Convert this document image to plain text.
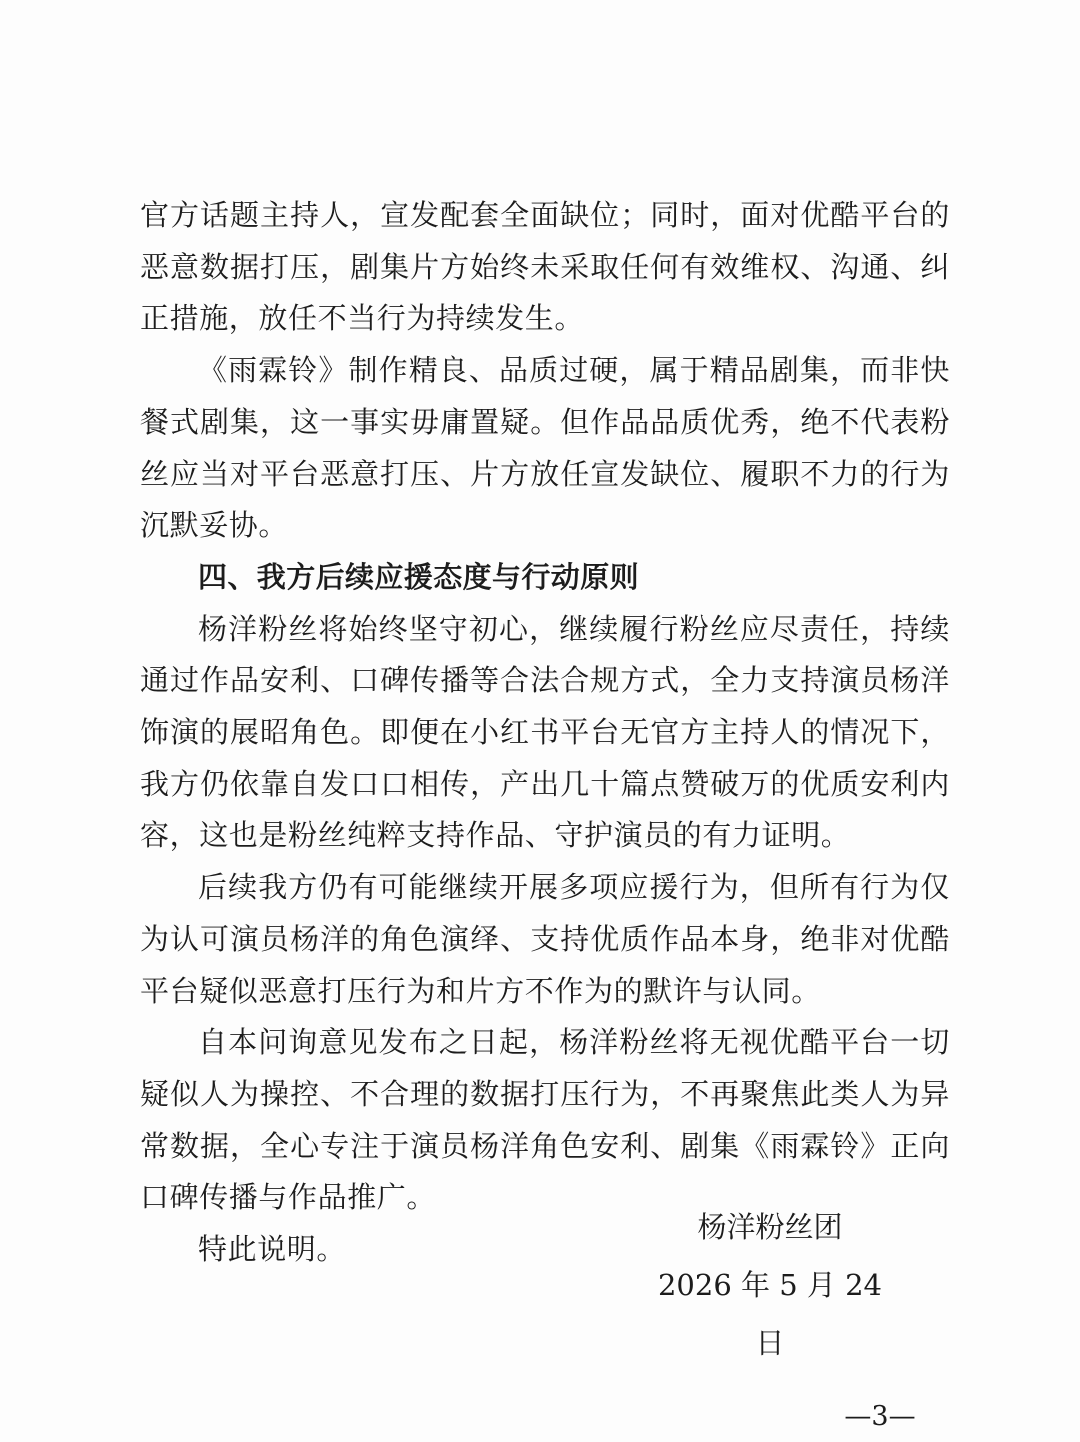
官方话题主持人，宣发配套全面缺位；同时，面对优酷平台的恶意数据打压，剧集片方始终未采取任何有效维权、沟通、纠正措施，放任不当行为持续发生。

《雨霖铃》制作精良、品质过硬，属于精品剧集，而非快餐式剧集，这一事实毋庸置疑。但作品品质优秀，绝不代表粉丝应当对平台恶意打压、片方放任宣发缺位、履职不力的行为沉默妥协。

四、我方后续应援态度与行动原则

杨洋粉丝将始终坚守初心，继续履行粉丝应尽责任，持续通过作品安利、口碑传播等合法合规方式，全力支持演员杨洋饰演的展昭角色。即便在小红书平台无官方主持人的情况下，我方仍依靠自发口口相传，产出几十篇点赞破万的优质安利内容，这也是粉丝纯粹支持作品、守护演员的有力证明。

后续我方仍有可能继续开展多项应援行为，但所有行为仅为认可演员杨洋的角色演绎、支持优质作品本身，绝非对优酷平台疑似恶意打压行为和片方不作为的默许与认同。

自本问询意见发布之日起，杨洋粉丝将无视优酷平台一切疑似人为操控、不合理的数据打压行为，不再聚焦此类人为异常数据，全心专注于演员杨洋角色安利、剧集《雨霖铃》正向口碑传播与作品推广。

特此说明。

杨洋粉丝团
2026 年 5 月 24 日
—3—
